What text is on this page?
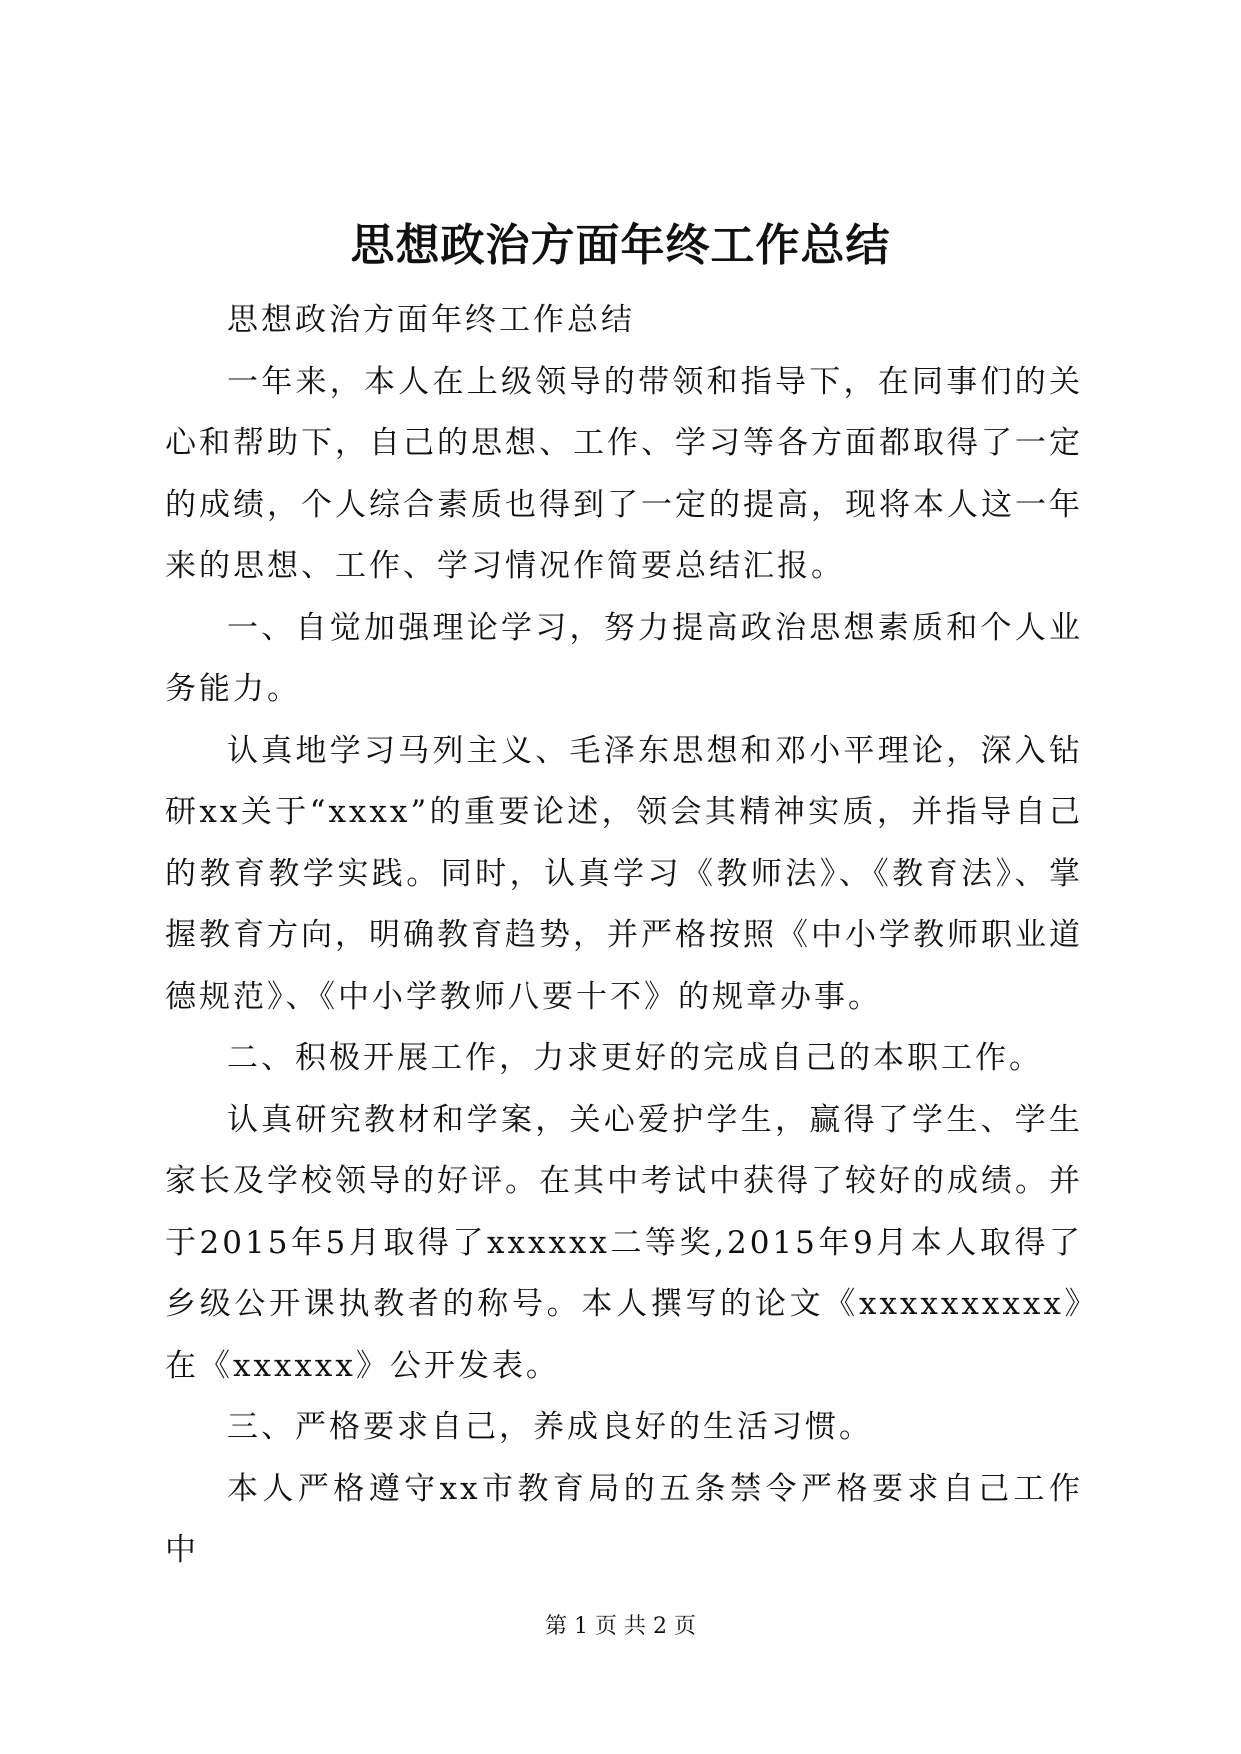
思想政治方面年终工作总结

思想政治方面年终工作总结

一年来，本人在上级领导的带领和指导下，在同事们的关心和帮助下，自己的思想、工作、学习等各方面都取得了一定的成绩，个人综合素质也得到了一定的提高，现将本人这一年来的思想、工作、学习情况作简要总结汇报。

一、自觉加强理论学习，努力提高政治思想素质和个人业务能力。

认真地学习马列主义、毛泽东思想和邓小平理论，深入钻研xx关于“xxxx”的重要论述，领会其精神实质，并指导自己的教育教学实践。同时，认真学习《教师法》、《教育法》、掌握教育方向，明确教育趋势，并严格按照《中小学教师职业道德规范》、《中小学教师八要十不》的规章办事。

二、积极开展工作，力求更好的完成自己的本职工作。

认真研究教材和学案，关心爱护学生，赢得了学生、学生家长及学校领导的好评。在其中考试中获得了较好的成绩。并于2015年5月取得了xxxxxx二等奖,2015年9月本人取得了乡级公开课执教者的称号。本人撰写的论文《xxxxxxxxxx》在《xxxxxx》公开发表。

三、严格要求自己，养成良好的生活习惯。

本人严格遵守xx市教育局的五条禁令严格要求自己工作中

第 1 页 共 2 页
